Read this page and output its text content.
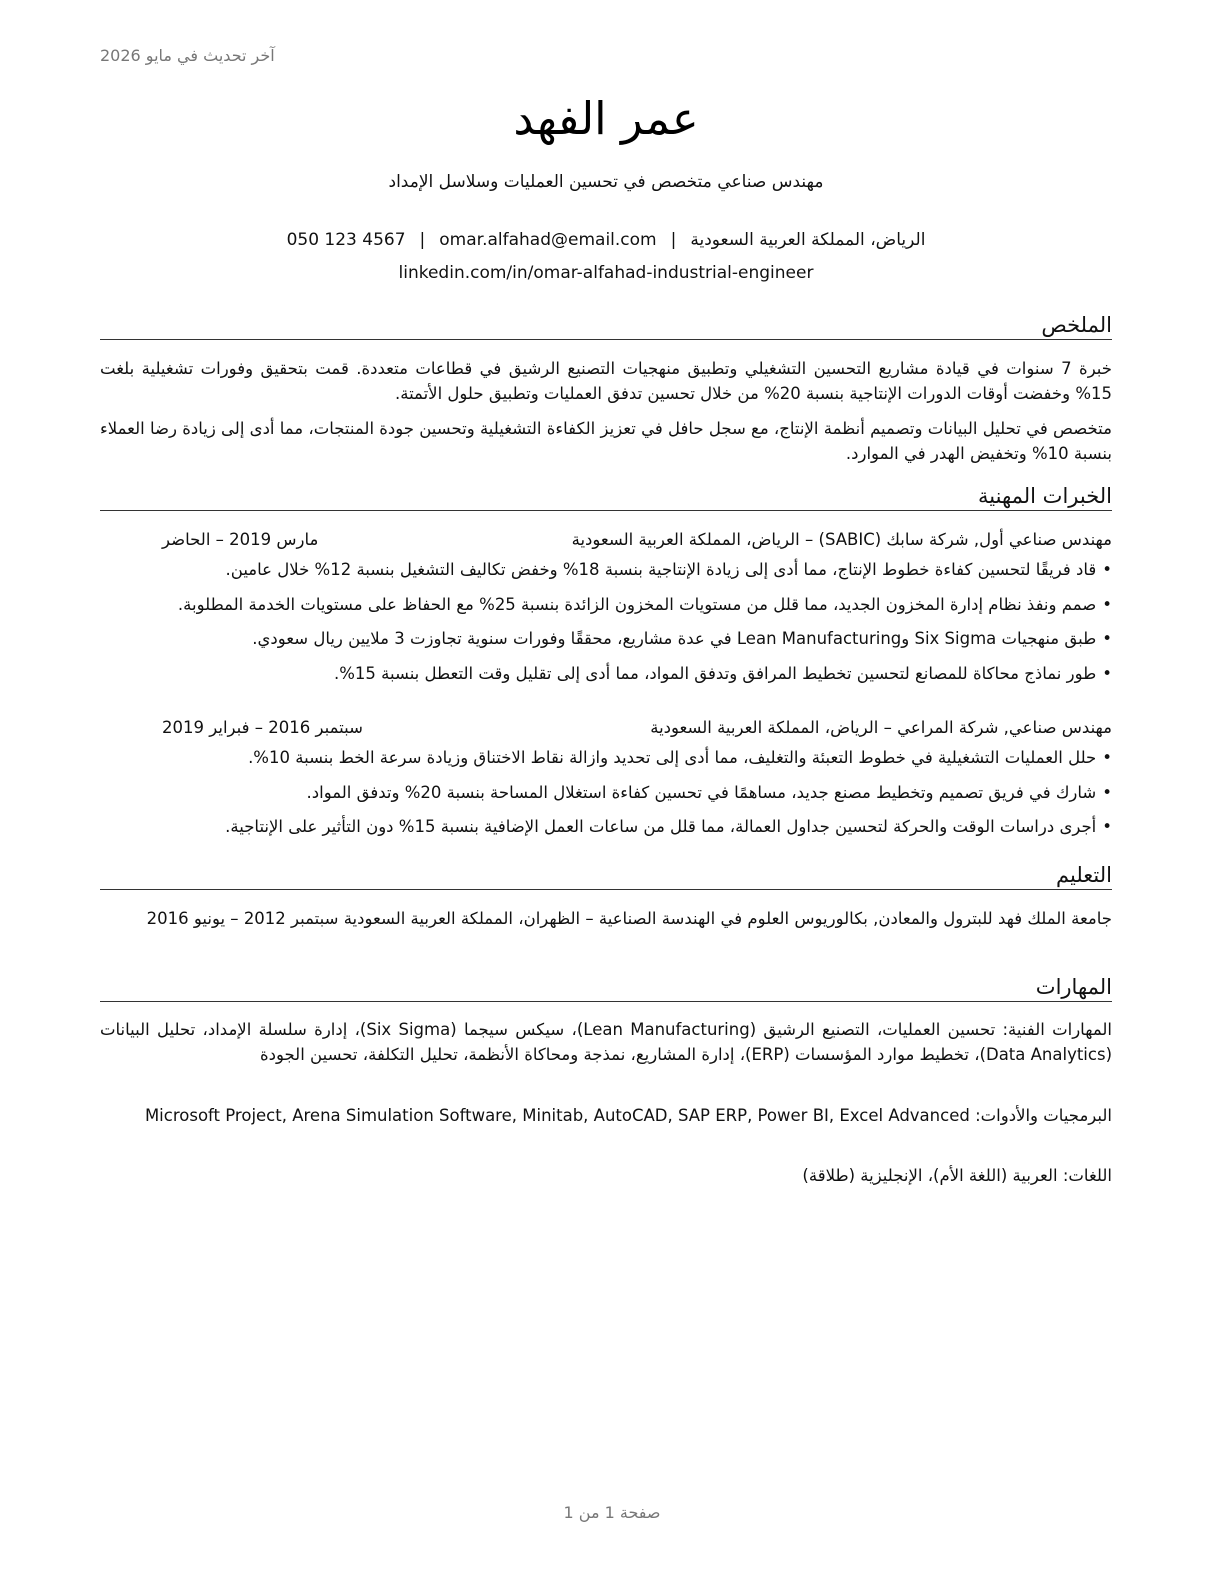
آخر تحديث في مايو 2026
عمر الفهد
مهندس صناعي متخصص في تحسين العمليات وسلاسل الإمداد
الرياض، المملكة العربية السعودية|omar.alfahad@email.com|050 123 4567
linkedin.com/in/omar-alfahad-industrial-engineer
الملخص
خبرة 7 سنوات في قيادة مشاريع التحسين التشغيلي وتطبيق منهجيات التصنيع الرشيق في قطاعات متعددة. قمت بتحقيق وفورات تشغيلية بلغت 15% وخفضت أوقات الدورات الإنتاجية بنسبة 20% من خلال تحسين تدفق العمليات وتطبيق حلول الأتمتة.
متخصص في تحليل البيانات وتصميم أنظمة الإنتاج، مع سجل حافل في تعزيز الكفاءة التشغيلية وتحسين جودة المنتجات، مما أدى إلى زيادة رضا العملاء بنسبة 10% وتخفيض الهدر في الموارد.
الخبرات المهنية
مهندس صناعي أول, شركة سابك (SABIC) – الرياض، المملكة العربية السعودية
مارس 2019 – الحاضر
•قاد فريقًا لتحسين كفاءة خطوط الإنتاج، مما أدى إلى زيادة الإنتاجية بنسبة 18% وخفض تكاليف التشغيل بنسبة 12% خلال عامين.
•صمم ونفذ نظام إدارة المخزون الجديد، مما قلل من مستويات المخزون الزائدة بنسبة 25% مع الحفاظ على مستويات الخدمة المطلوبة.
•طبق منهجيات Six Sigma وLean Manufacturing في عدة مشاريع، محققًا وفورات سنوية تجاوزت 3 ملايين ريال سعودي.
•طور نماذج محاكاة للمصانع لتحسين تخطيط المرافق وتدفق المواد، مما أدى إلى تقليل وقت التعطل بنسبة 15%.
مهندس صناعي, شركة المراعي – الرياض، المملكة العربية السعودية
سبتمبر 2016 – فبراير 2019
•حلل العمليات التشغيلية في خطوط التعبئة والتغليف، مما أدى إلى تحديد وازالة نقاط الاختناق وزيادة سرعة الخط بنسبة 10%.
•شارك في فريق تصميم وتخطيط مصنع جديد، مساهمًا في تحسين كفاءة استغلال المساحة بنسبة 20% وتدفق المواد.
•أجرى دراسات الوقت والحركة لتحسين جداول العمالة، مما قلل من ساعات العمل الإضافية بنسبة 15% دون التأثير على الإنتاجية.
التعليم
جامعة الملك فهد للبترول والمعادن, بكالوريوس العلوم في الهندسة الصناعية – الظهران، المملكة العربية السعودية سبتمبر 2012 – يونيو 2016
المهارات
المهارات الفنية: تحسين العمليات، التصنيع الرشيق (Lean Manufacturing)، سيكس سيجما (Six Sigma)، إدارة سلسلة الإمداد، تحليل البيانات (Data Analytics)، تخطيط موارد المؤسسات (ERP)، إدارة المشاريع، نمذجة ومحاكاة الأنظمة، تحليل التكلفة، تحسين الجودة
البرمجيات والأدوات: Microsoft Project, Arena Simulation Software, Minitab, AutoCAD, SAP ERP, Power BI, Excel Advanced
اللغات: العربية (اللغة الأم)، الإنجليزية (طلاقة)
صفحة 1 من 1
